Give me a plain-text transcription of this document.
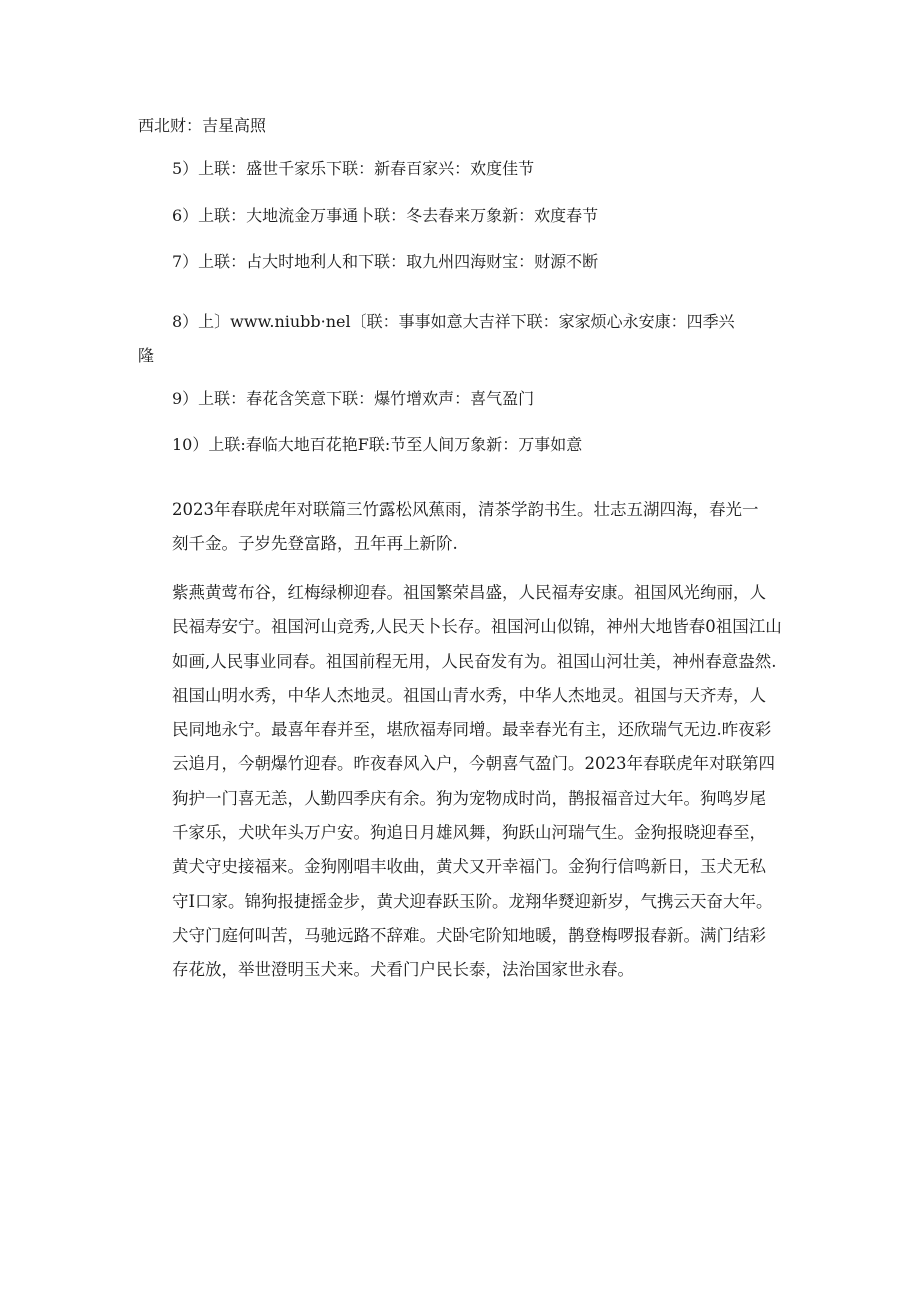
西北财：吉星高照
5）上联：盛世千家乐下联：新春百家兴：欢度佳节
6）上联：大地流金万事通卜联：冬去春来万象新：欢度春节
7）上联：占大时地利人和下联：取九州四海财宝：财源不断
8）上〕www.niubb·nel〔联：事事如意大吉祥下联：家家烦心永安康：四季兴
隆
9）上联：春花含笑意下联：爆竹增欢声：喜气盈门
10）上联:春临大地百花艳F联:节至人间万象新：万事如意
2023年春联虎年对联篇三竹露松风蕉雨，清茶学韵书生。壮志五湖四海，春光一刻千金。子岁先登富路，丑年再上新阶.
紫燕黄莺布谷，红梅绿柳迎春。祖国繁荣昌盛，人民福寿安康。祖国风光绚丽，人民福寿安宁。祖国河山竞秀,人民天卜长存。祖国河山似锦，神州大地皆春0祖国江山如画,人民事业同春。祖国前程无用，人民奋发有为。祖国山河壮美，神州春意盎然.祖国山明水秀，中华人杰地灵。祖国山青水秀，中华人杰地灵。祖国与天齐寿，人民同地永宁。最喜年春并至，堪欣福寿同增。最幸春光有主，还欣瑞气无边.昨夜彩云追月，今朝爆竹迎春。昨夜春风入户，今朝喜气盈门。2023年春联虎年对联第四狗护一门喜无恙，人勤四季庆有余。狗为宠物成时尚，鹊报福音过大年。狗鸣岁尾千家乐，犬吠年头万户安。狗追日月雄风舞，狗跃山河瑞气生。金狗报晓迎春至，黄犬守史接福来。金狗刚唱丰收曲，黄犬又开幸福门。金狗行信鸣新日，玉犬无私守I口家。锦狗报捷摇金步，黄犬迎春跃玉阶。龙翔华燹迎新岁，气携云天奋大年。犬守门庭何叫苦，马驰远路不辞难。犬卧宅阶知地暖，鹊登梅啰报春新。满门结彩存花放，举世澄明玉犬来。犬看门户民长泰，法治国家世永春。
